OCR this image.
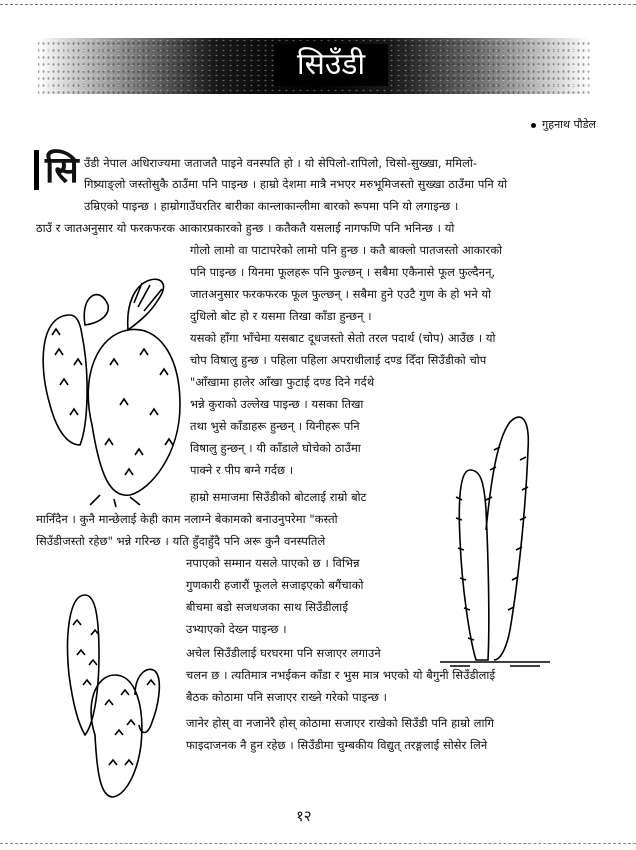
सिउँडी
गुहनाथ पौडेल
सि उँडी नेपाल अधिराज्यमा जताजतै पाइने वनस्पति हो । यो सेपिलो-रापिलो, चिसो-सुख्खा, ममिलो-
गिष्र्याङ्लो जस्तोसुकै ठाउँमा पनि पाइन्छ । हाम्रो देशमा मात्रै नभएर मरुभूमिजस्तो सुख्खा ठाउँमा पनि यो
उम्रिएको पाइन्छ । हाम्रोगाउँघरतिर बारीका कान्लाकान्लीमा बारको रूपमा पनि यो लगाइन्छ ।
ठाउँ र जातअनुसार यो फरकफरक आकारप्रकारको हुन्छ । कतैकतै यसलाई नागफणि पनि भनिन्छ । यो
गोलो लामो वा पाटापरेको लामो पनि हुन्छ । कतै बाक्लो पातजस्तो आकारको
पनि पाइन्छ । यिनमा फूलहरू पनि फुल्छन् । सबैमा एकैनासे फूल फुल्दैनन्,
जातअनुसार फरकफरक फूल फुल्छन् । सबैमा हुने एउटै गुण के हो भने यो
दुधिलो बोट हो र यसमा तिखा काँडा हुन्छन् ।
यसको हाँगा भाँचेमा यसबाट दूधजस्तो सेतो तरल पदार्थ (चोप) आउँछ । यो
चोप विषालु हुन्छ । पहिला पहिला अपराधीलाई दण्ड दिँदा सिउँडीको चोप
"आँखामा हालेर आँखा फुटाई दण्ड दिने गर्दथे
भन्ने कुराको उल्लेख पाइन्छ । यसका तिखा
तथा भुसे काँडाहरू हुन्छन् । यिनीहरू पनि
विषालु हुन्छन् । यी काँडाले घोचेको ठाउँमा
पाक्ने र पीप बग्ने गर्दछ ।
हाम्रो समाजमा सिउँडीको बोटलाई राम्रो बोट
मानिँदैन । कुनै मान्छेलाई केही काम नलाग्ने बेकामको बनाउनुपरेमा "कस्तो
सिउँडीजस्तो रहेछ" भन्ने गरिन्छ । यति हुँदाहुँदै पनि अरू कुनै वनस्पतिले
नपाएको सम्मान यसले पाएको छ । विभिन्न
गुणकारी हजारौं फूलले सजाइएको बगैंचाको
बीचमा बडो सजधजका साथ सिउँडीलाई
उभ्याएको देख्न पाइन्छ ।
अचेल सिउँडीलाई घरघरमा पनि सजाएर लगाउने
चलन छ । त्यतिमात्र नभईकन काँडा र भुस मात्र भएको यो बैगुनी सिउँडीलाई
बैठक कोठामा पनि सजाएर राख्ने गरेको पाइन्छ ।
जानेर होस् वा नजानेरै होस् कोठामा सजाएर राखेको सिउँडी पनि हाम्रो लागि
फाइदाजनक नै हुन रहेछ । सिउँडीमा चुम्बकीय विद्युत् तरङ्गलाई सोसेर लिने
१२
